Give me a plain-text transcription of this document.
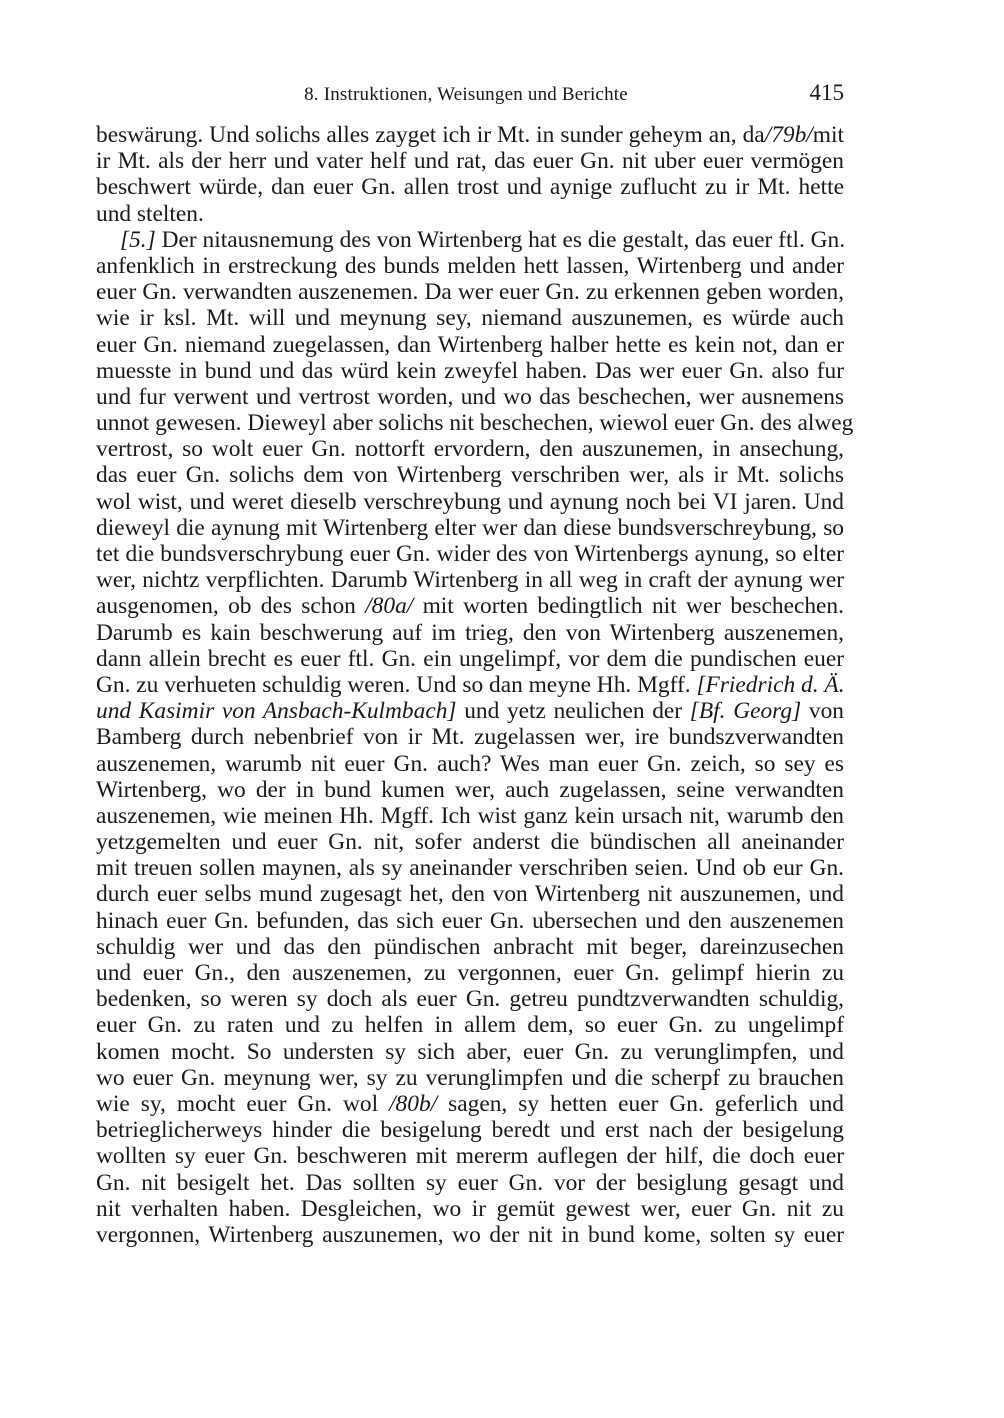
8. Instruktionen, Weisungen und Berichte	415
beswärung. Und solichs alles zayget ich ir Mt. in sunder geheym an, da/79b/mit
ir Mt. als der herr und vater helf und rat, das euer Gn. nit uber euer vermögen
beschwert würde, dan euer Gn. allen trost und aynige zuflucht zu ir Mt. hette
und stelten.
[5.] Der nitausnemung des von Wirtenberg hat es die gestalt, das euer ftl. Gn.
anfenklich in erstreckung des bunds melden hett lassen, Wirtenberg und ander
euer Gn. verwandten auszenemen. Da wer euer Gn. zu erkennen geben worden,
wie ir ksl. Mt. will und meynung sey, niemand auszunemen, es würde auch
euer Gn. niemand zuegelassen, dan Wirtenberg halber hette es kein not, dan er
muesste in bund und das würd kein zweyfel haben. Das wer euer Gn. also fur
und fur verwent und vertrost worden, und wo das beschechen, wer ausnemens
unnot gewesen. Dieweyl aber solichs nit beschechen, wiewol euer Gn. des alweg
vertrost, so wolt euer Gn. nottorft ervordern, den auszunemen, in ansechung,
das euer Gn. solichs dem von Wirtenberg verschriben wer, als ir Mt. solichs
wol wist, und weret dieselb verschreybung und aynung noch bei VI jaren. Und
dieweyl die aynung mit Wirtenberg elter wer dan diese bundsverschreybung, so
tet die bundsverschrybung euer Gn. wider des von Wirtenbergs aynung, so elter
wer, nichtz verpflichten. Darumb Wirtenberg in all weg in craft der aynung wer
ausgenomen, ob des schon /80a/ mit worten bedingtlich nit wer beschechen.
Darumb es kain beschwerung auf im trieg, den von Wirtenberg auszenemen,
dann allein brecht es euer ftl. Gn. ein ungelimpf, vor dem die pundischen euer
Gn. zu verhueten schuldig weren. Und so dan meyne Hh. Mgff. [Friedrich d. Ä.
und Kasimir von Ansbach-Kulmbach] und yetz neulichen der [Bf. Georg] von
Bamberg durch nebenbrief von ir Mt. zugelassen wer, ire bundszverwandten
auszenemen, warumb nit euer Gn. auch? Wes man euer Gn. zeich, so sey es
Wirtenberg, wo der in bund kumen wer, auch zugelassen, seine verwandten
auszenemen, wie meinen Hh. Mgff. Ich wist ganz kein ursach nit, warumb den
yetzgemelten und euer Gn. nit, sofer anderst die bündischen all aneinander
mit treuen sollen maynen, als sy aneinander verschriben seien. Und ob eur Gn.
durch euer selbs mund zugesagt het, den von Wirtenberg nit auszunemen, und
hinach euer Gn. befunden, das sich euer Gn. ubersechen und den auszenemen
schuldig wer und das den pündischen anbracht mit beger, dareinzusechen
und euer Gn., den auszenemen, zu vergonnen, euer Gn. gelimpf hierin zu
bedenken, so weren sy doch als euer Gn. getreu pundtzverwandten schuldig,
euer Gn. zu raten und zu helfen in allem dem, so euer Gn. zu ungelimpf
komen mocht. So understen sy sich aber, euer Gn. zu verunglimpfen, und
wo euer Gn. meynung wer, sy zu verunglimpfen und die scherpf zu brauchen
wie sy, mocht euer Gn. wol /80b/ sagen, sy hetten euer Gn. geferlich und
betrieglicherweys hinder die besigelung beredt und erst nach der besigelung
wollten sy euer Gn. beschweren mit mererm auflegen der hilf, die doch euer
Gn. nit besigelt het. Das sollten sy euer Gn. vor der besiglung gesagt und
nit verhalten haben. Desgleichen, wo ir gemüt gewest wer, euer Gn. nit zu
vergonnen, Wirtenberg auszunemen, wo der nit in bund kome, solten sy euer
